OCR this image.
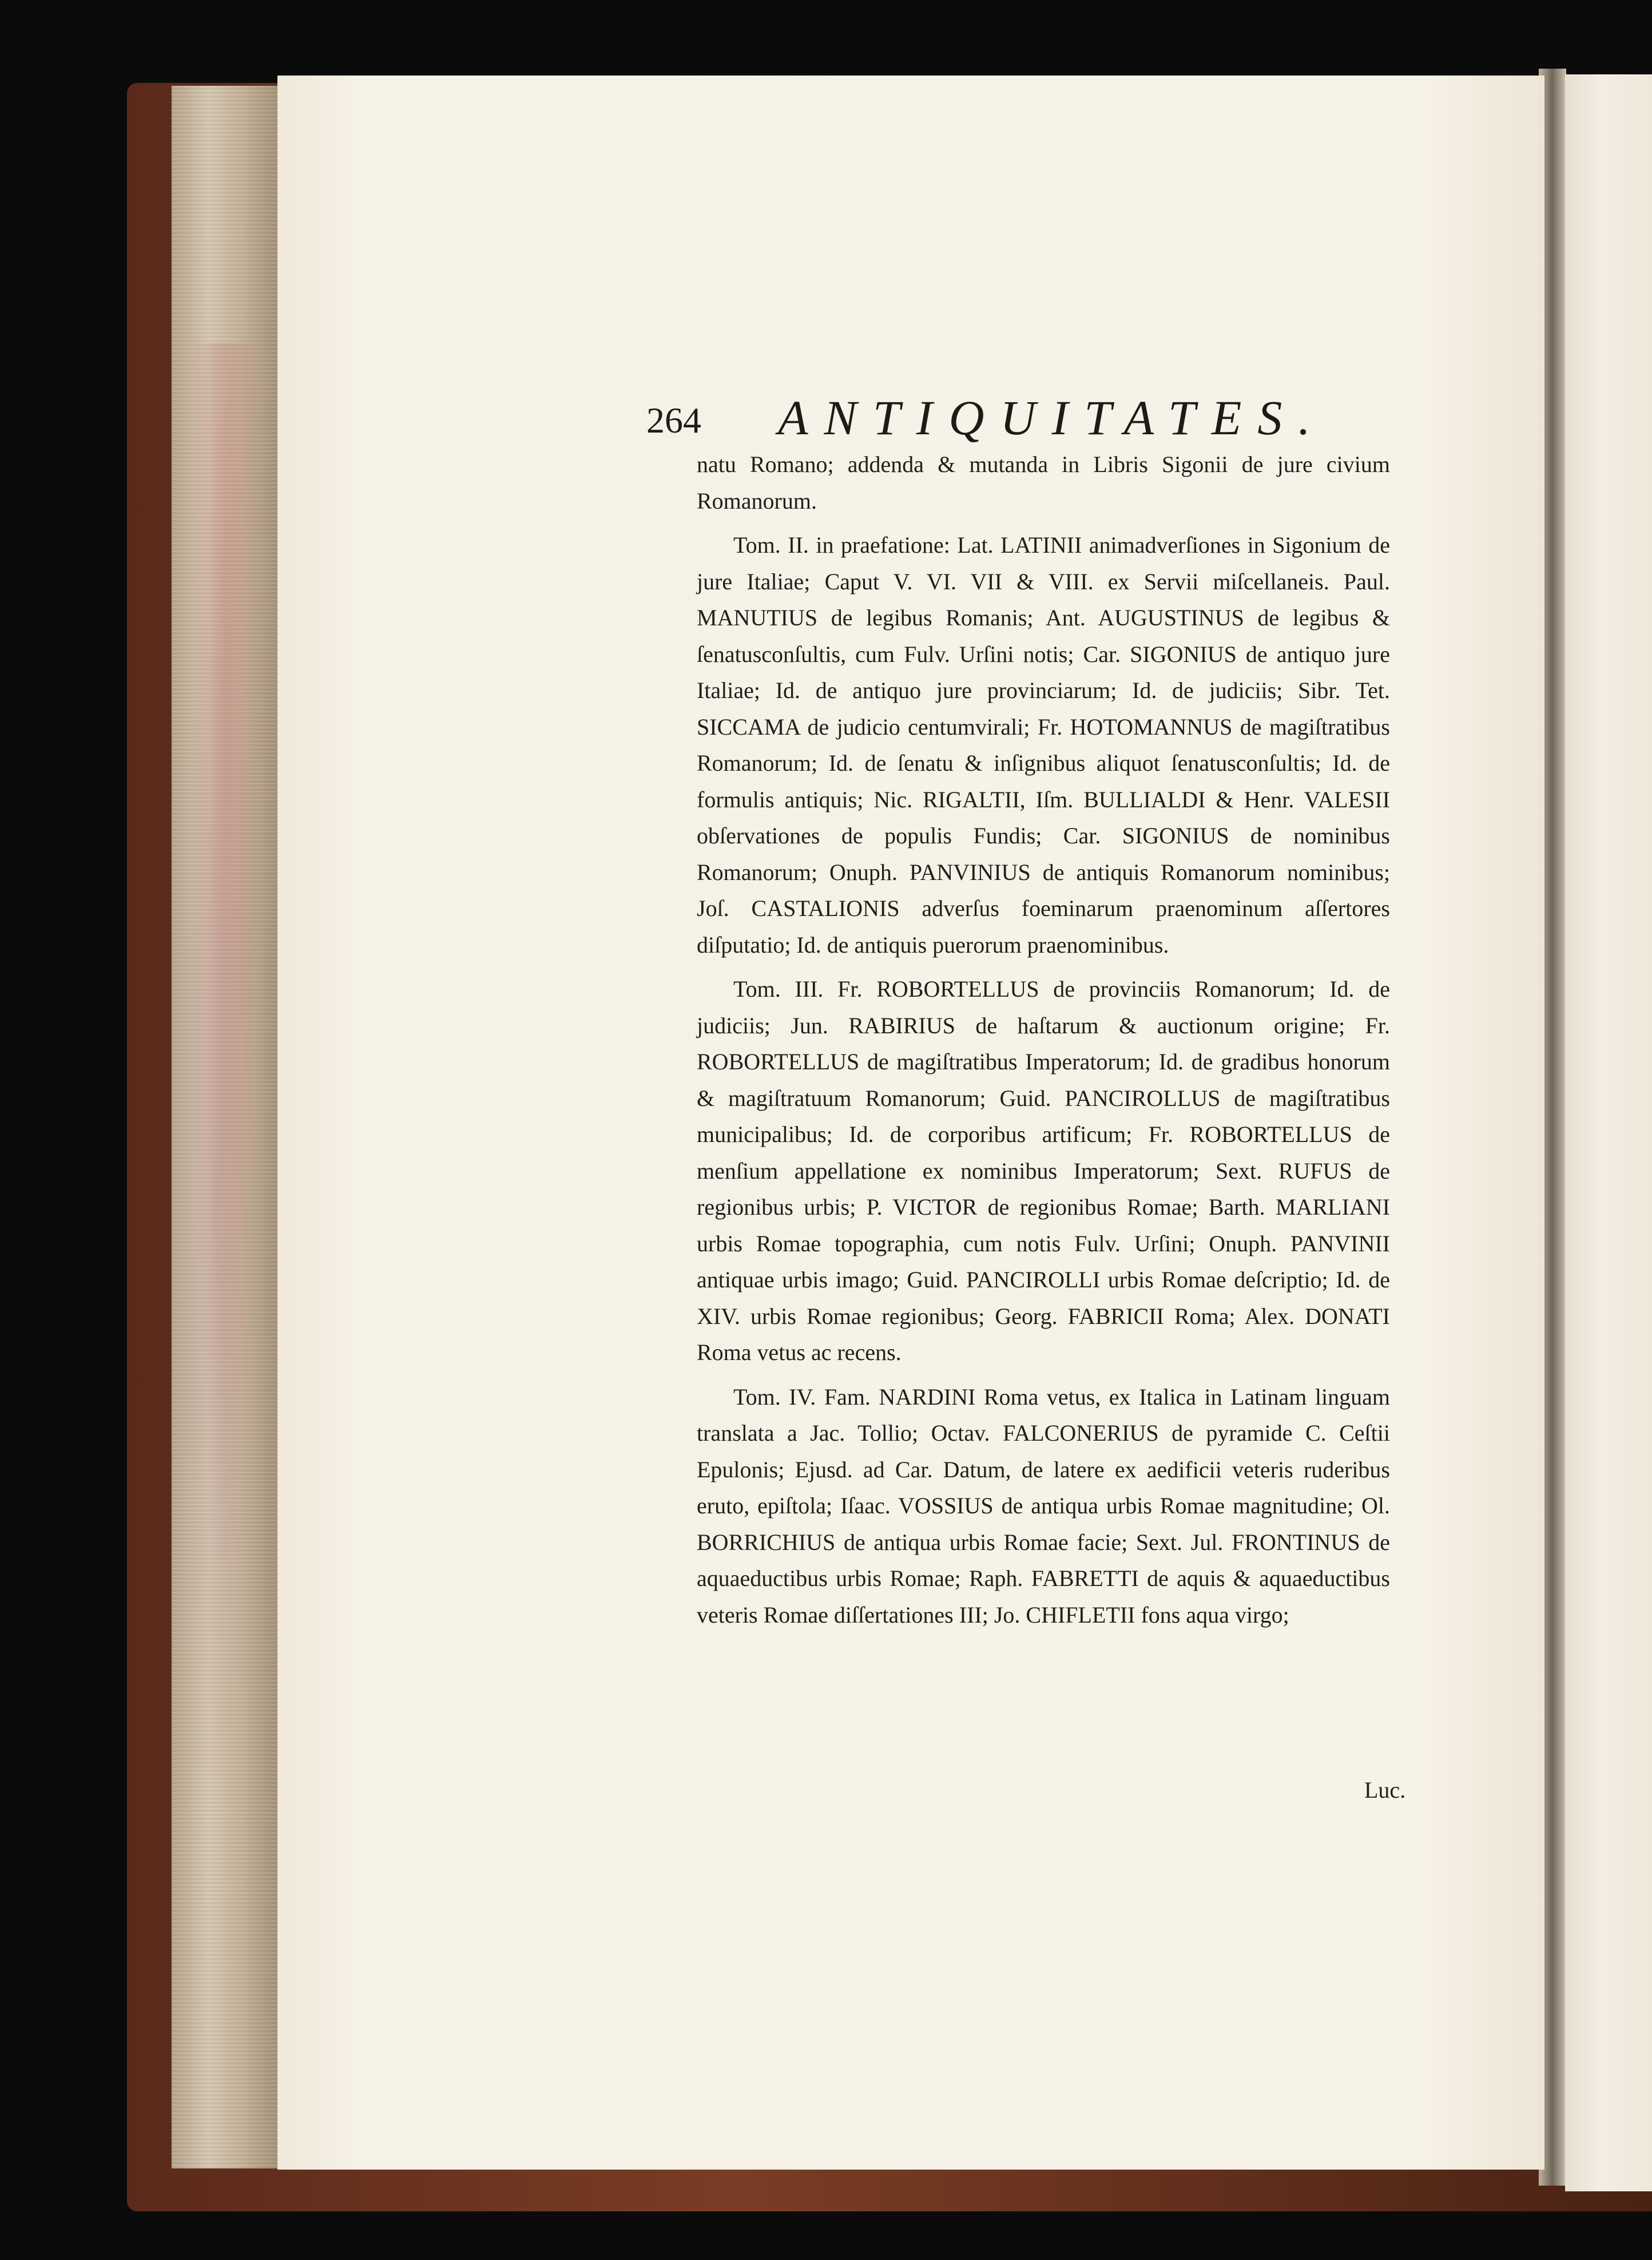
264 ANTIQUITATES.

natu Romano; addenda & mutanda in Libris Sigonii de jure civium Romanorum.

Tom. II. in praefatione: Lat. LATINII animadverſiones in Sigonium de jure Italiae; Caput V. VI. VII & VIII. ex Servii miſcellaneis. Paul. MANUTIUS de legibus Romanis; Ant. AUGUSTINUS de legibus & ſenatusconſultis, cum Fulv. Urſini notis; Car. SIGONIUS de antiquo jure Italiae; Id. de antiquo jure provinciarum; Id. de judiciis; Sibr. Tet. SICCAMA de judicio centumvirali; Fr. HOTOMANNUS de magiſtratibus Romanorum; Id. de ſenatu & inſignibus aliquot ſenatusconſultis; Id. de formulis antiquis; Nic. RIGALTII, Iſm. BULLIALDI & Henr. VALESII obſervationes de populis Fundis; Car. SIGONIUS de nominibus Romanorum; Onuph. PANVINIUS de antiquis Romanorum nominibus; Joſ. CASTALIONIS adverſus foeminarum praenominum aſſertores diſputatio; Id. de antiquis puerorum praenominibus.

Tom. III. Fr. ROBORTELLUS de provinciis Romanorum; Id. de judiciis; Jun. RABIRIUS de haſtarum & auctionum origine; Fr. ROBORTELLUS de magiſtratibus Imperatorum; Id. de gradibus honorum & magiſtratuum Romanorum; Guid. PANCIROLLUS de magiſtratibus municipalibus; Id. de corporibus artificum; Fr. ROBORTELLUS de menſium appellatione ex nominibus Imperatorum; Sext. RUFUS de regionibus urbis; P. VICTOR de regionibus Romae; Barth. MARLIANI urbis Romae topographia, cum notis Fulv. Urſini; Onuph. PANVINII antiquae urbis imago; Guid. PANCIROLLI urbis Romae deſcriptio; Id. de XIV. urbis Romae regionibus; Georg. FABRICII Roma; Alex. DONATI Roma vetus ac recens.

Tom. IV. Fam. NARDINI Roma vetus, ex Italica in Latinam linguam translata a Jac. Tollio; Octav. FALCONERIUS de pyramide C. Ceſtii Epulonis; Ejusd. ad Car. Datum, de latere ex aedificii veteris ruderibus eruto, epiſtola; Iſaac. VOSSIUS de antiqua urbis Romae magnitudine; Ol. BORRICHIUS de antiqua urbis Romae facie; Sext. Jul. FRONTINUS de aquaeductibus urbis Romae; Raph. FABRETTI de aquis & aquaeductibus veteris Romae diſſertationes III; Jo. CHIFLETII fons aqua virgo;

Luc.
